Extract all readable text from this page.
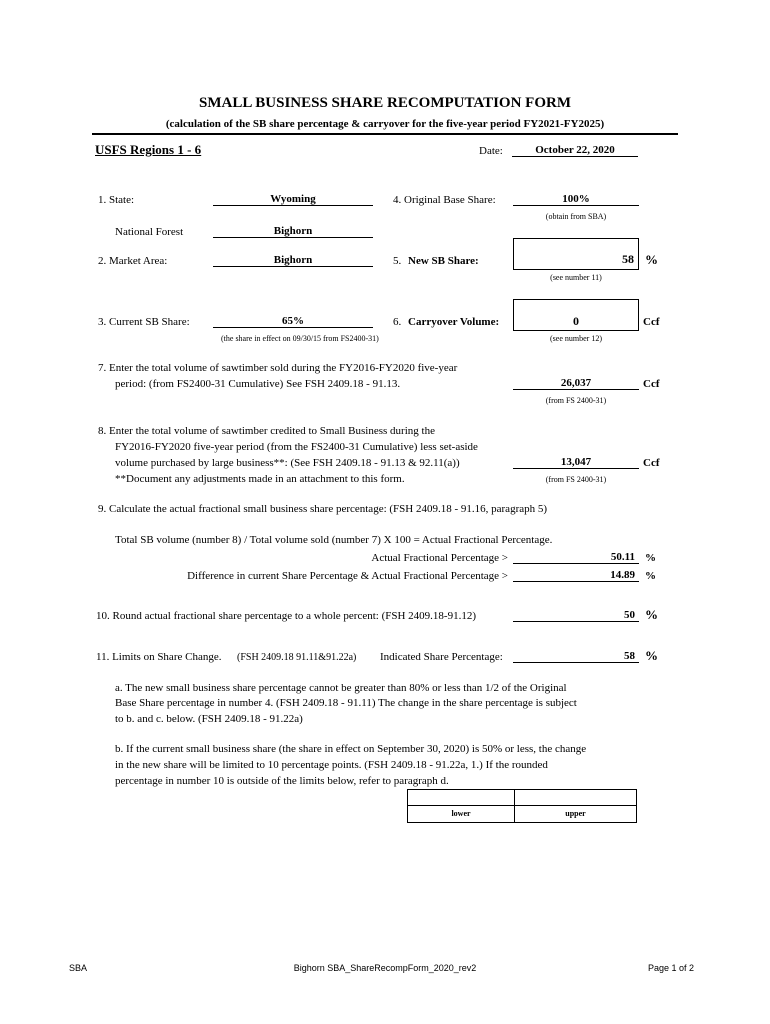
SMALL BUSINESS SHARE RECOMPUTATION FORM
(calculation of the SB share percentage & carryover for the five-year period FY2021-FY2025)
USFS Regions 1 - 6	Date:	October 22, 2020
1. State:	Wyoming
National Forest	Bighorn
2. Market Area:	Bighorn
4. Original Base Share:	100%
(obtain from SBA)
5. New SB Share:	58 %
(see number 11)
3. Current SB Share:	65%
(the share in effect on 09/30/15 from FS2400-31)
6. Carryover Volume:	0	Ccf
(see number 12)
7. Enter the total volume of sawtimber sold during the FY2016-FY2020 five-year
period: (from FS2400-31 Cumulative) See FSH 2409.18 - 91.13.	26,037	Ccf
(from FS 2400-31)
8. Enter the total volume of sawtimber credited to Small Business during the
FY2016-FY2020 five-year period (from the FS2400-31 Cumulative) less set-aside
volume purchased by large business**: (See FSH 2409.18 - 91.13 & 92.11(a))
**Document any adjustments made in an attachment to this form.
13,047	Ccf
(from FS 2400-31)
9. Calculate the actual fractional small business share percentage: (FSH 2409.18 - 91.16, paragraph 5)
Total SB volume (number 8) / Total volume sold (number 7) X 100 = Actual Fractional Percentage.
Actual Fractional Percentage >	50.11 %
Difference in current Share Percentage & Actual Fractional Percentage >	14.89 %
10. Round actual fractional share percentage to a whole percent: (FSH 2409.18-91.12)	50 %
11. Limits on Share Change. (FSH 2409.18 91.11&91.22a) Indicated Share Percentage:	58 %
a. The new small business share percentage cannot be greater than 80% or less than 1/2 of the Original
Base Share percentage in number 4. (FSH 2409.18 - 91.11) The change in the share percentage is subject
to b. and c. below. (FSH 2409.18 - 91.22a)
b. If the current small business share (the share in effect on September 30, 2020) is 50% or less, the change
in the new share will be limited to 10 percentage points. (FSH 2409.18 - 91.22a, 1.) If the rounded
percentage in number 10 is outside of the limits below, refer to paragraph d.
lower	upper
SBA	Bighorn SBA_ShareRecompForm_2020_rev2	Page 1 of 2
